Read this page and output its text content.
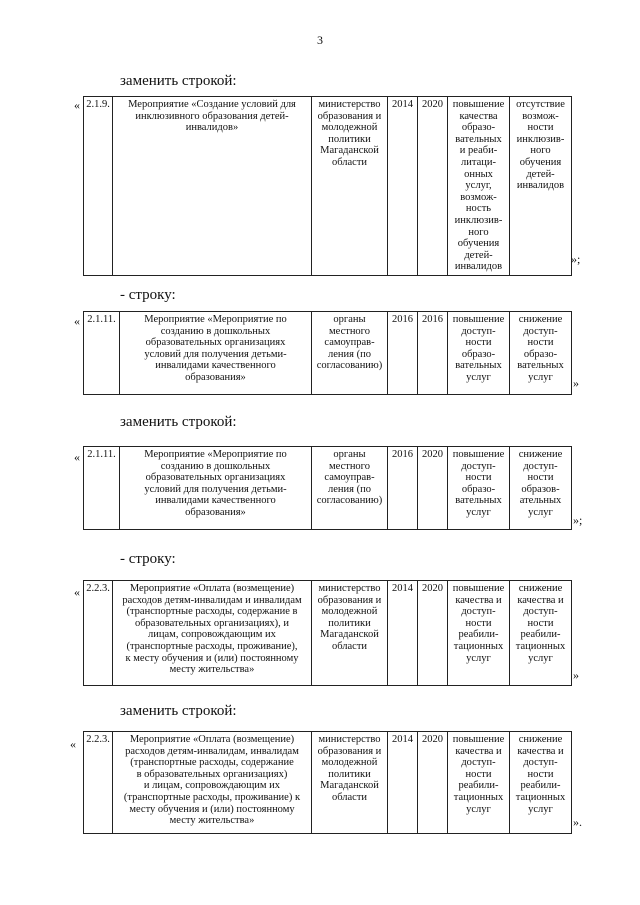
3
заменить строкой:
« 2.1.9.	Мероприятие «Создание условий для
инклюзивного образования детей-
инвалидов»	министерство
образования и
молодежной
политики
Магаданской
области	2014	2020	повышение
качества
образо-
вательных
и реаби-
литаци-
онных
услуг,
возмож-
ность
инклюзив-
ного
обучения
детей-
инвалидов	отсутствие
возмож-
ности
инклюзив-
ного
обучения
детей-
инвалидов
»;
- строку:
« 2.1.11.	Мероприятие «Мероприятие по
созданию в дошкольных
образовательных организациях
условий для получения детьми-
инвалидами качественного
образования»	органы
местного
самоуправ-
ления (по
согласованию)	2016	2016	повышение
доступ-
ности
образо-
вательных
услуг	снижение
доступ-
ности
образо-
вательных
услуг »
заменить строкой:
« 2.1.11.	Мероприятие «Мероприятие по
созданию в дошкольных
образовательных организациях
условий для получения детьми-
инвалидами качественного
образования»	органы
местного
самоуправ-
ления (по
согласованию)	2016	2020	повышение
доступ-
ности
образо-
вательных
услуг	снижение
доступ-
ности
образов-
ательных
услуг
»;
- строку:
« 2.2.3.	Мероприятие «Оплата (возмещение)
расходов детям-инвалидам и инвалидам
(транспортные расходы, содержание в
образовательных организациях), и
лицам, сопровождающим их
(транспортные расходы, проживание),
к месту обучения и (или) постоянному
месту жительства»	министерство
образования и
молодежной
политики
Магаданской
области	2014	2020	повышение
качества и
доступ-
ности
реабили-
тационных
услуг	снижение
качества и
доступ-
ности
реабили-
тационных
услуг
»
заменить строкой:
« 2.2.3.	Мероприятие «Оплата (возмещение)
расходов детям-инвалидам, инвалидам
(транспортные расходы, содержание
в образовательных организациях)
и лицам, сопровождающим их
(транспортные расходы, проживание) к
месту обучения и (или) постоянному
месту жительства»	министерство
образования и
молодежной
политики
Магаданской
области	2014	2020	повышение
качества и
доступ-
ности
реабили-
тационных
услуг	снижение
качества и
доступ-
ности
реабили-
тационных
услуг
».
